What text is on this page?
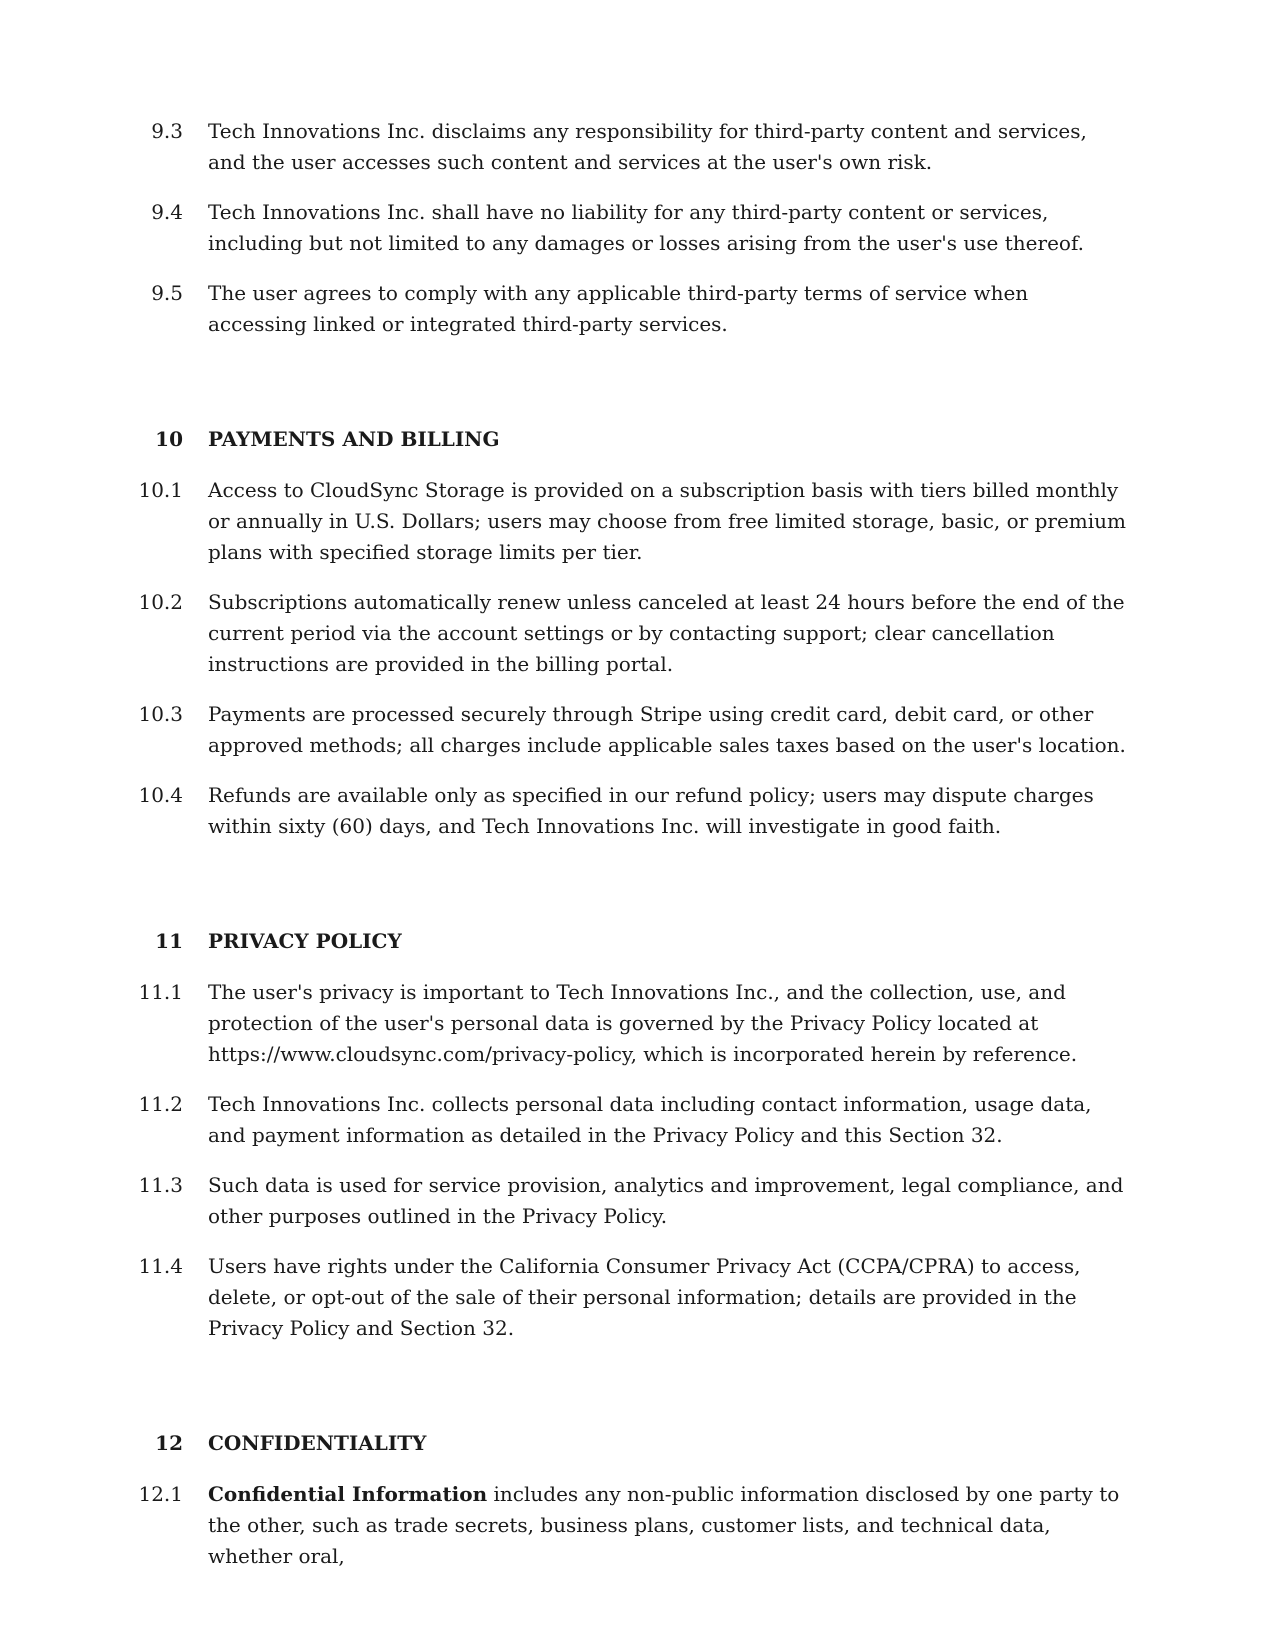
9.3 Tech Innovations Inc. disclaims any responsibility for third-party content and services, and the user accesses such content and services at the user's own risk.
9.4 Tech Innovations Inc. shall have no liability for any third-party content or services, including but not limited to any damages or losses arising from the user's use thereof.
9.5 The user agrees to comply with any applicable third-party terms of service when accessing linked or integrated third-party services.
10 PAYMENTS AND BILLING
10.1 Access to CloudSync Storage is provided on a subscription basis with tiers billed monthly or annually in U.S. Dollars; users may choose from free limited storage, basic, or premium plans with specified storage limits per tier.
10.2 Subscriptions automatically renew unless canceled at least 24 hours before the end of the current period via the account settings or by contacting support; clear cancellation instructions are provided in the billing portal.
10.3 Payments are processed securely through Stripe using credit card, debit card, or other approved methods; all charges include applicable sales taxes based on the user's location.
10.4 Refunds are available only as specified in our refund policy; users may dispute charges within sixty (60) days, and Tech Innovations Inc. will investigate in good faith.
11 PRIVACY POLICY
11.1 The user's privacy is important to Tech Innovations Inc., and the collection, use, and protection of the user's personal data is governed by the Privacy Policy located at https://www.cloudsync.com/privacy-policy, which is incorporated herein by reference.
11.2 Tech Innovations Inc. collects personal data including contact information, usage data, and payment information as detailed in the Privacy Policy and this Section 32.
11.3 Such data is used for service provision, analytics and improvement, legal compliance, and other purposes outlined in the Privacy Policy.
11.4 Users have rights under the California Consumer Privacy Act (CCPA/CPRA) to access, delete, or opt-out of the sale of their personal information; details are provided in the Privacy Policy and Section 32.
12 CONFIDENTIALITY
12.1 Confidential Information includes any non-public information disclosed by one party to the other, such as trade secrets, business plans, customer lists, and technical data, whether oral,
